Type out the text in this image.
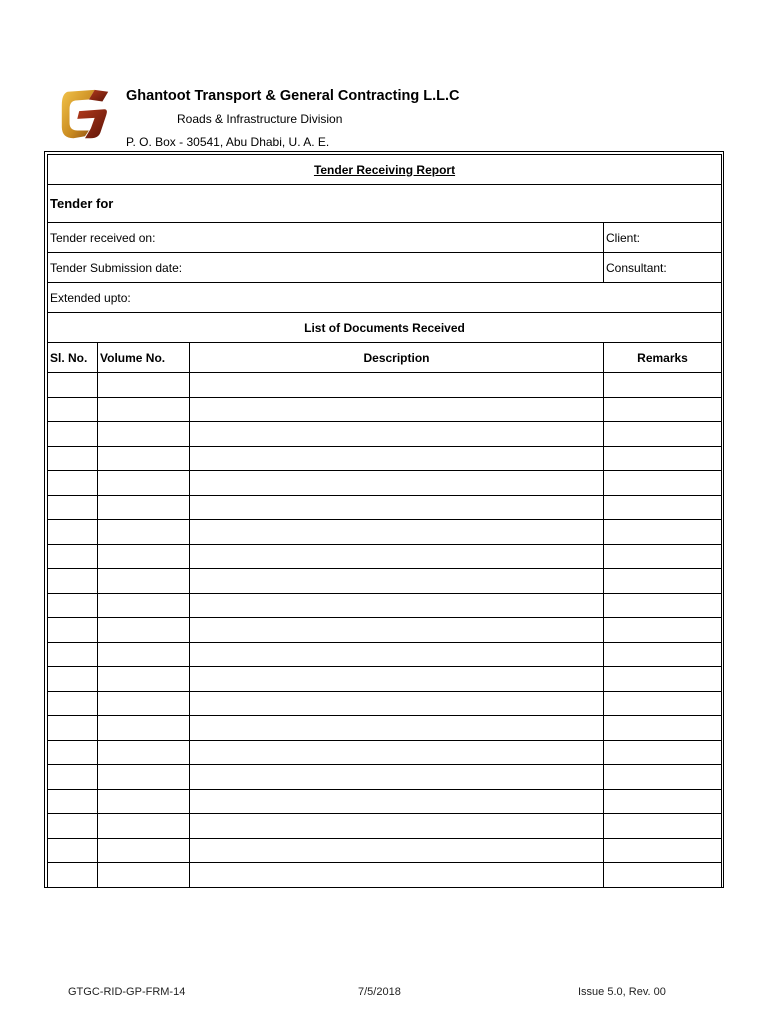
Ghantoot Transport & General Contracting L.L.C
Roads & Infrastructure Division
P. O. Box - 30541, Abu Dhabi, U. A. E.
Tender Receiving Report			
Tender for			
Tender received on:			Client:
Tender Submission date:			Consultant:
Extended upto:			
List of Documents Received			
Sl. No.	Volume No.	Description	Remarks

GTGC-RID-GP-FRM-14	7/5/2018	Issue 5.0, Rev. 00
